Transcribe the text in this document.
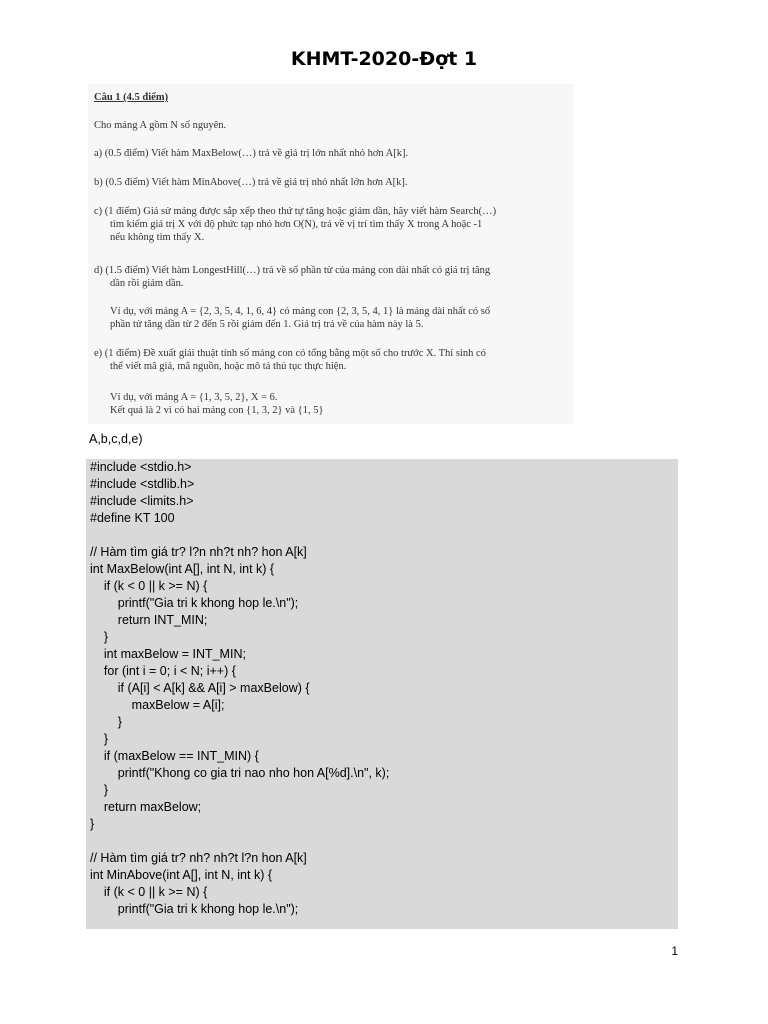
KHMT-2020-Đợt 1
Câu 1 (4.5 điểm)
Cho mảng A gồm N số nguyên.
a) (0.5 điểm) Viết hàm MaxBelow(…) trả về giá trị lớn nhất nhỏ hơn A[k].
b) (0.5 điểm) Viết hàm MinAbove(…) trả về giá trị nhỏ nhất lớn hơn A[k].
c) (1 điểm) Giả sử mảng được sắp xếp theo thứ tự tăng hoặc giảm dần, hãy viết hàm Search(…)
tìm kiếm giá trị X với độ phức tạp nhỏ hơn O(N), trả về vị trí tìm thấy X trong A hoặc -1
nếu không tìm thấy X.
d) (1.5 điểm) Viết hàm LongestHill(…) trả về số phần tử của mảng con dài nhất có giá trị tăng
dần rồi giảm dần.
Ví dụ, với mảng A = {2, 3, 5, 4, 1, 6, 4} có mảng con {2, 3, 5, 4, 1} là mảng dài nhất có số
phần tử tăng dần từ 2 đến 5 rồi giảm đến 1. Giá trị trả về của hàm này là 5.
e) (1 điểm) Đề xuất giải thuật tính số mảng con có tổng bằng một số cho trước X. Thí sinh có
thể viết mã giả, mã nguồn, hoặc mô tả thủ tục thực hiện.
Ví dụ, với mảng A = {1, 3, 5, 2}, X = 6.
Kết quả là 2 vì có hai mảng con {1, 3, 2} và {1, 5}
A,b,c,d,e)
#include <stdio.h>
#include <stdlib.h>
#include <limits.h>
#define KT 100
// Hàm tìm giá tr? l?n nh?t nh? hon A[k]
int MaxBelow(int A[], int N, int k) {
if (k < 0 || k >= N) {
printf("Gia tri k khong hop le.\n");
return INT_MIN;
}
int maxBelow = INT_MIN;
for (int i = 0; i < N; i++) {
if (A[i] < A[k] && A[i] > maxBelow) {
maxBelow = A[i];
}
}
if (maxBelow == INT_MIN) {
printf("Khong co gia tri nao nho hon A[%d].\n", k);
}
return maxBelow;
}
// Hàm tìm giá tr? nh? nh?t l?n hon A[k]
int MinAbove(int A[], int N, int k) {
if (k < 0 || k >= N) {
printf("Gia tri k khong hop le.\n");
1
